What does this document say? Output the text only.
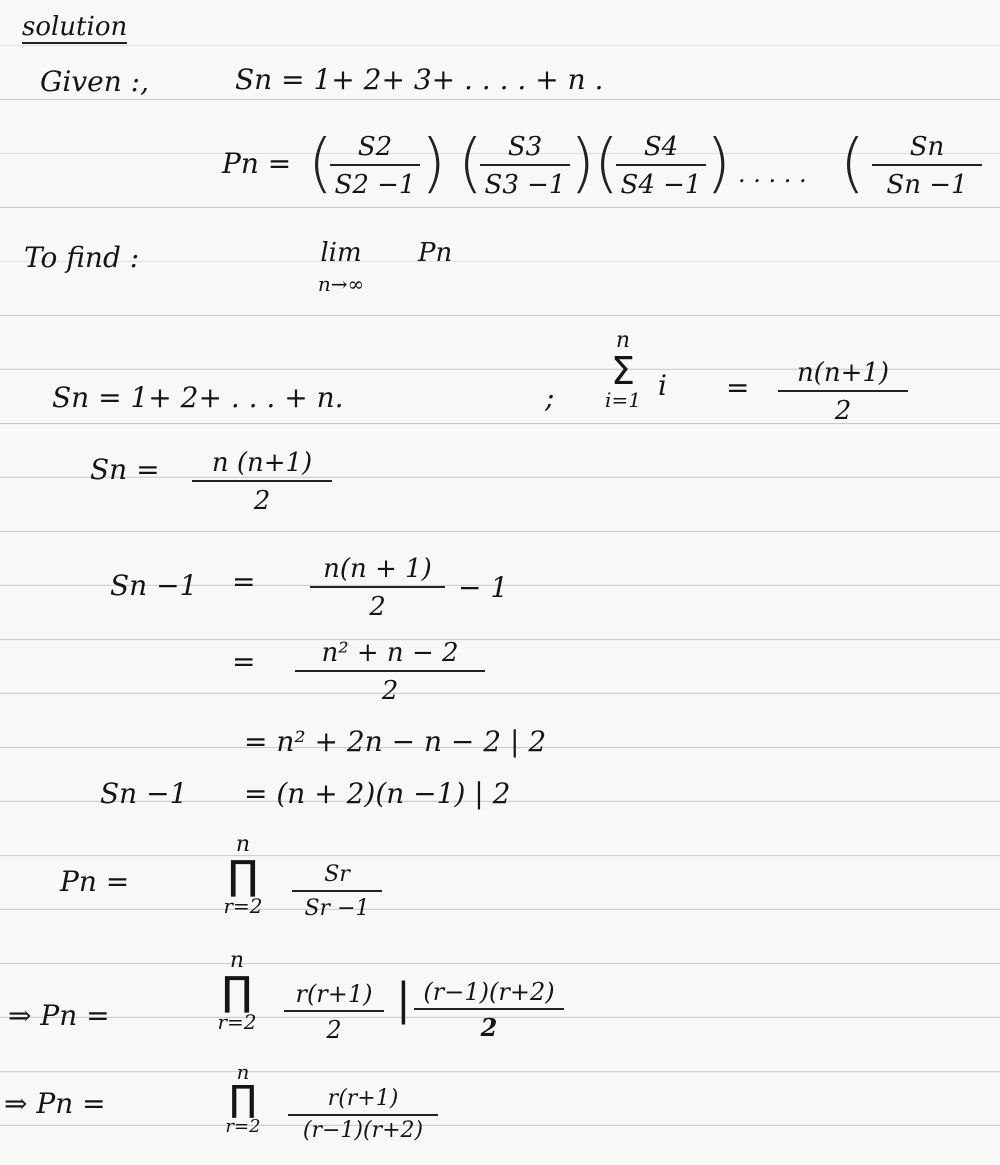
solution
Given :,	Sn = 1+ 2+ 3+ . . . . + n .
Pn = (
$\frac{S2}{S2 -1}$ ) (
$\frac{S3}{S3 -1}$ ) (
$\frac{S4}{S4 -1}$ ) . . . . . ( $\frac{Sn}{Sn -1}$
To find :	lim
n→∞
Pn
Sn = 1+ 2+ . . . + n.	;
n
Σ
i=1 $i = \frac{n(n+1)}{2}$
$Sn = \frac{n (n+1)}{2}$
$Sn -1 = \frac{n(n + 1)}{2} - 1$
= $\frac{\text{n² + n − 2}}{2}$
= n² + 2n − n − 2 | 2
Sn −1 = (n + 2)(n −1) | 2
Pn =
n
∏
r=2	$\frac{Sr}{Sr -1}$
⇒ Pn =
n
∏
r=2	$\frac{r(r+1)}{2}$ | $\frac{(r-1)(r+2)}{2}$
⇒ Pn =
n
∏
r=2	$\frac{r(r+1)}{(r-1)(r+2)}$
